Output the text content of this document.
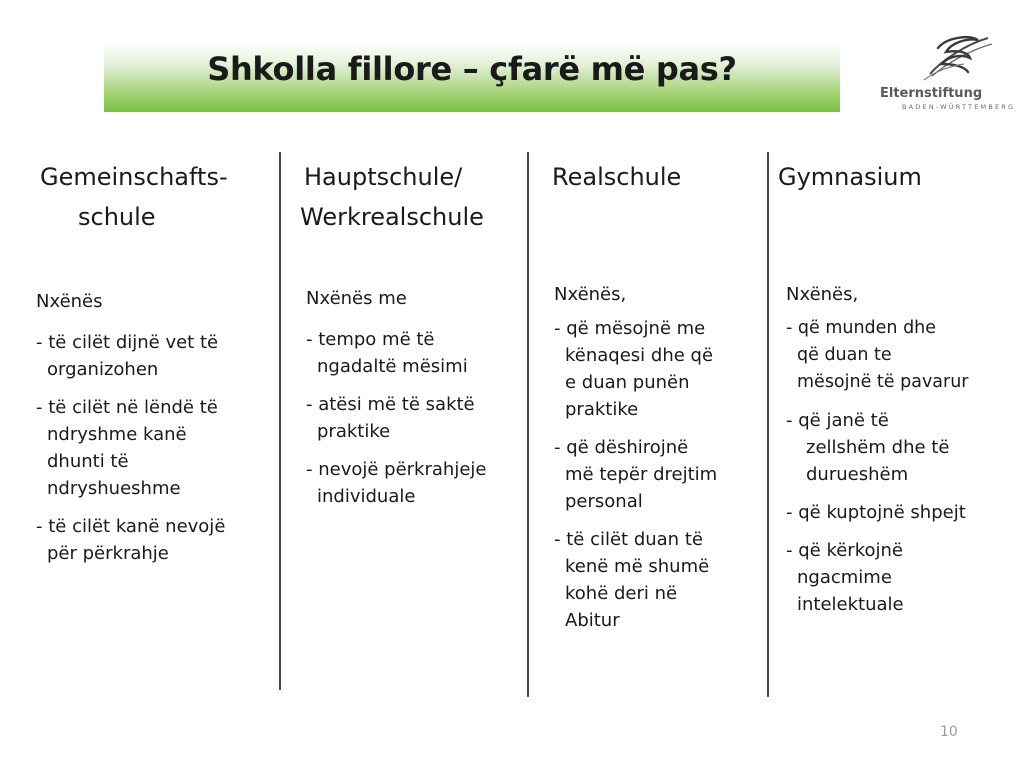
Shkolla fillore – çfarë më pas?
Elternstiftung
BADEN-WÜRTTEMBERG
Gemeinschafts-
schule
Nxënës
- të cilët dijnë vet të
organizohen
- të cilët në lëndë të
ndryshme kanë
dhunti të
ndryshueshme
- të cilët kanë nevojë
për përkrahje
Hauptschule/
Werkrealschule
Nxënës me
- tempo më të
ngadaltë mësimi
- atësi më të saktë
praktike
- nevojë përkrahjeje
individuale
Realschule
Nxënës,
- që mësojnë me
kënaqesi dhe që
e duan punën
praktike
- që dëshirojnë
më tepër drejtim
personal
- të cilët duan të
kenë më shumë
kohë deri në
Abitur
Gymnasium
Nxënës,
- që munden dhe
që duan te
mësojnë të pavarur
- që janë të
zellshëm dhe të
durueshëm
- që kuptojnë shpejt
- që kërkojnë
ngacmime
intelektuale
10
